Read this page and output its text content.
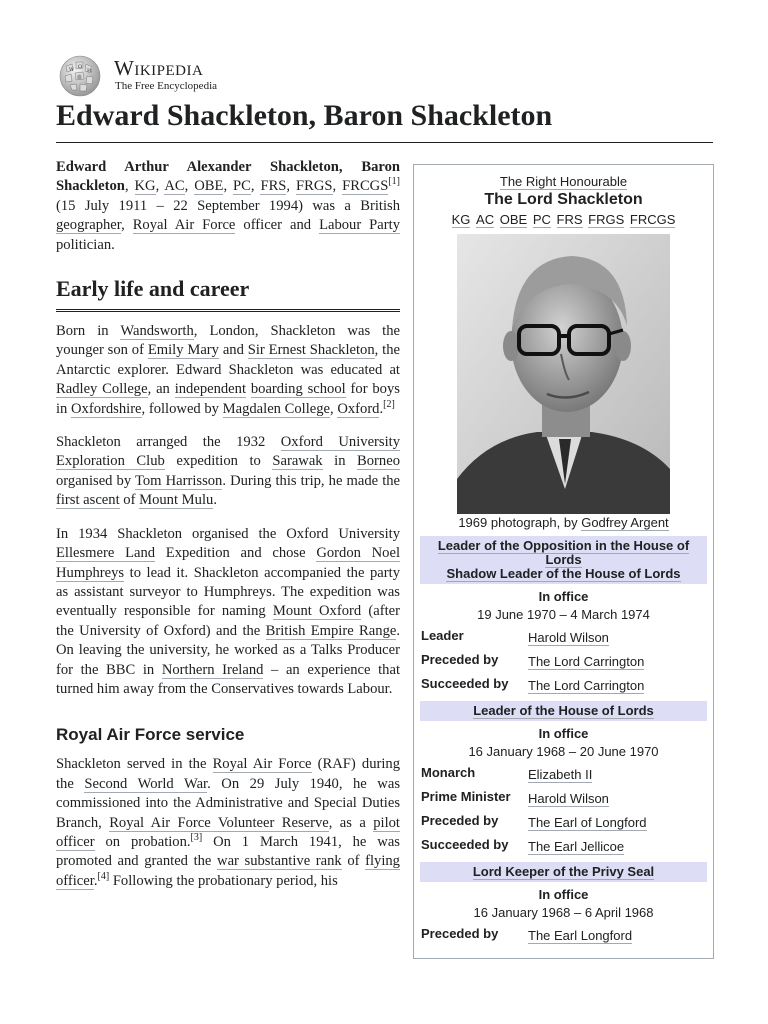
W Ω
И
維 Wikipedia
The Free Encyclopedia
Edward Shackleton, Baron Shackleton

Edward Arthur Alexander Shackleton, Baron Shackleton, KG, AC, OBE, PC, FRS, FRGS, FRCGS[1] (15 July 1911 – 22 September 1994) was a British geographer, Royal Air Force officer and Labour Party politician.

Early life and career

Born in Wandsworth, London, Shackleton was the younger son of Emily Mary and Sir Ernest Shackleton, the Antarctic explorer. Edward Shackleton was educated at Radley College, an independent boarding school for boys in Oxfordshire, followed by Magdalen College, Oxford.[2]

Shackleton arranged the 1932 Oxford University Exploration Club expedition to Sarawak in Borneo organised by Tom Harrisson. During this trip, he made the first ascent of Mount Mulu.

In 1934 Shackleton organised the Oxford University Ellesmere Land Expedition and chose Gordon Noel Humphreys to lead it. Shackleton accompanied the party as assistant surveyor to Humphreys. The expedition was eventually responsible for naming Mount Oxford (after the University of Oxford) and the British Empire Range. On leaving the university, he worked as a Talks Producer for the BBC in Northern Ireland – an experience that turned him away from the Conservatives towards Labour.

Royal Air Force service

Shackleton served in the Royal Air Force (RAF) during the Second World War. On 29 July 1940, he was commissioned into the Administrative and Special Duties Branch, Royal Air Force Volunteer Reserve, as a pilot officer on probation.[3] On 1 March 1941, he was promoted and granted the war substantive rank of flying officer.[4] Following the probationary period, his

The Right Honourable
The Lord Shackleton
KG AC OBE PC FRS FRGS FRCGS
1969 photograph, by Godfrey Argent
Leader of the Opposition in the House of Lords
Shadow Leader of the House of Lords
In office
19 June 1970 – 4 March 1974
Leader	Harold Wilson
Preceded by The Lord Carrington
Succeeded by The Lord Carrington
Leader of the House of Lords
In office
16 January 1968 – 20 June 1970
Monarch	Elizabeth II
Prime Minister Harold Wilson
Preceded by The Earl of Longford
Succeeded by The Earl Jellicoe
Lord Keeper of the Privy Seal
In office
16 January 1968 – 6 April 1968
Preceded by The Earl Longford
